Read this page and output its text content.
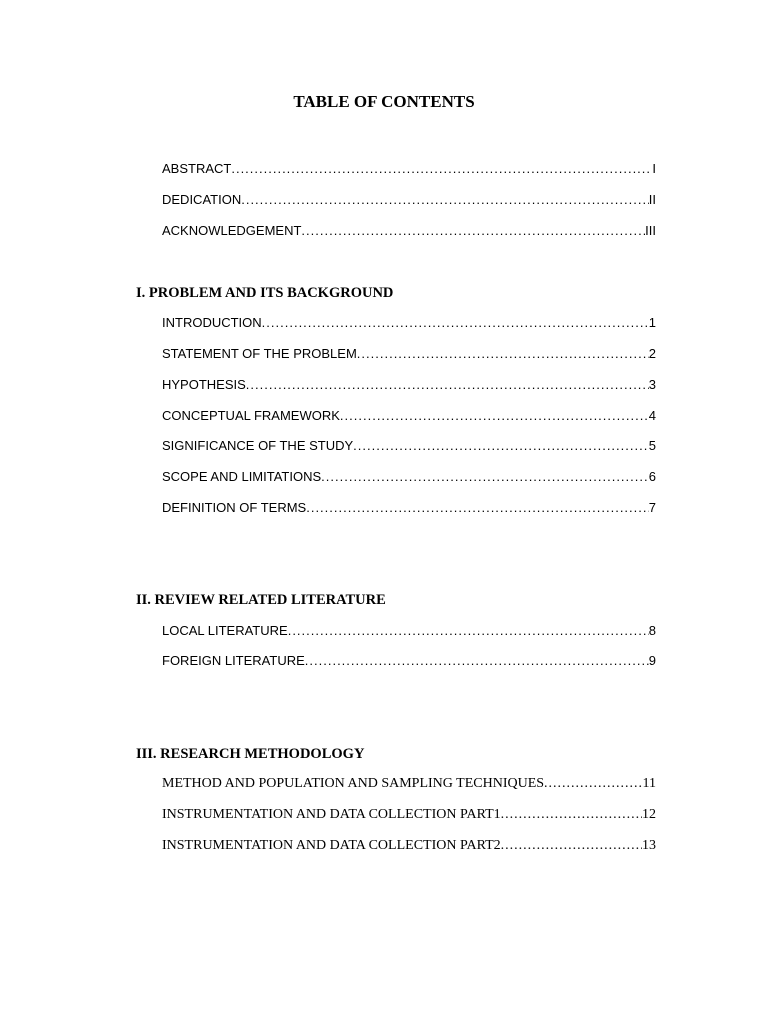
TABLE OF CONTENTS
ABSTRACT .....	I
DEDICATION .....	II
ACKNOWLEDGEMENT .....	III
I. PROBLEM AND ITS BACKGROUND
INTRODUCTION .....	1
STATEMENT OF THE PROBLEM .....	2
HYPOTHESIS .....	3
CONCEPTUAL FRAMEWORK .....	4
SIGNIFICANCE OF THE STUDY .....	5
SCOPE AND LIMITATIONS .....	6
DEFINITION OF TERMS .....	7
II. REVIEW RELATED LITERATURE
LOCAL LITERATURE .....	8
FOREIGN LITERATURE .....	9
III. RESEARCH METHODOLOGY
METHOD AND POPULATION AND SAMPLING TECHNIQUES .....	11
INSTRUMENTATION AND DATA COLLECTION PART1 .....	12
INSTRUMENTATION AND DATA COLLECTION PART2 .....	13
